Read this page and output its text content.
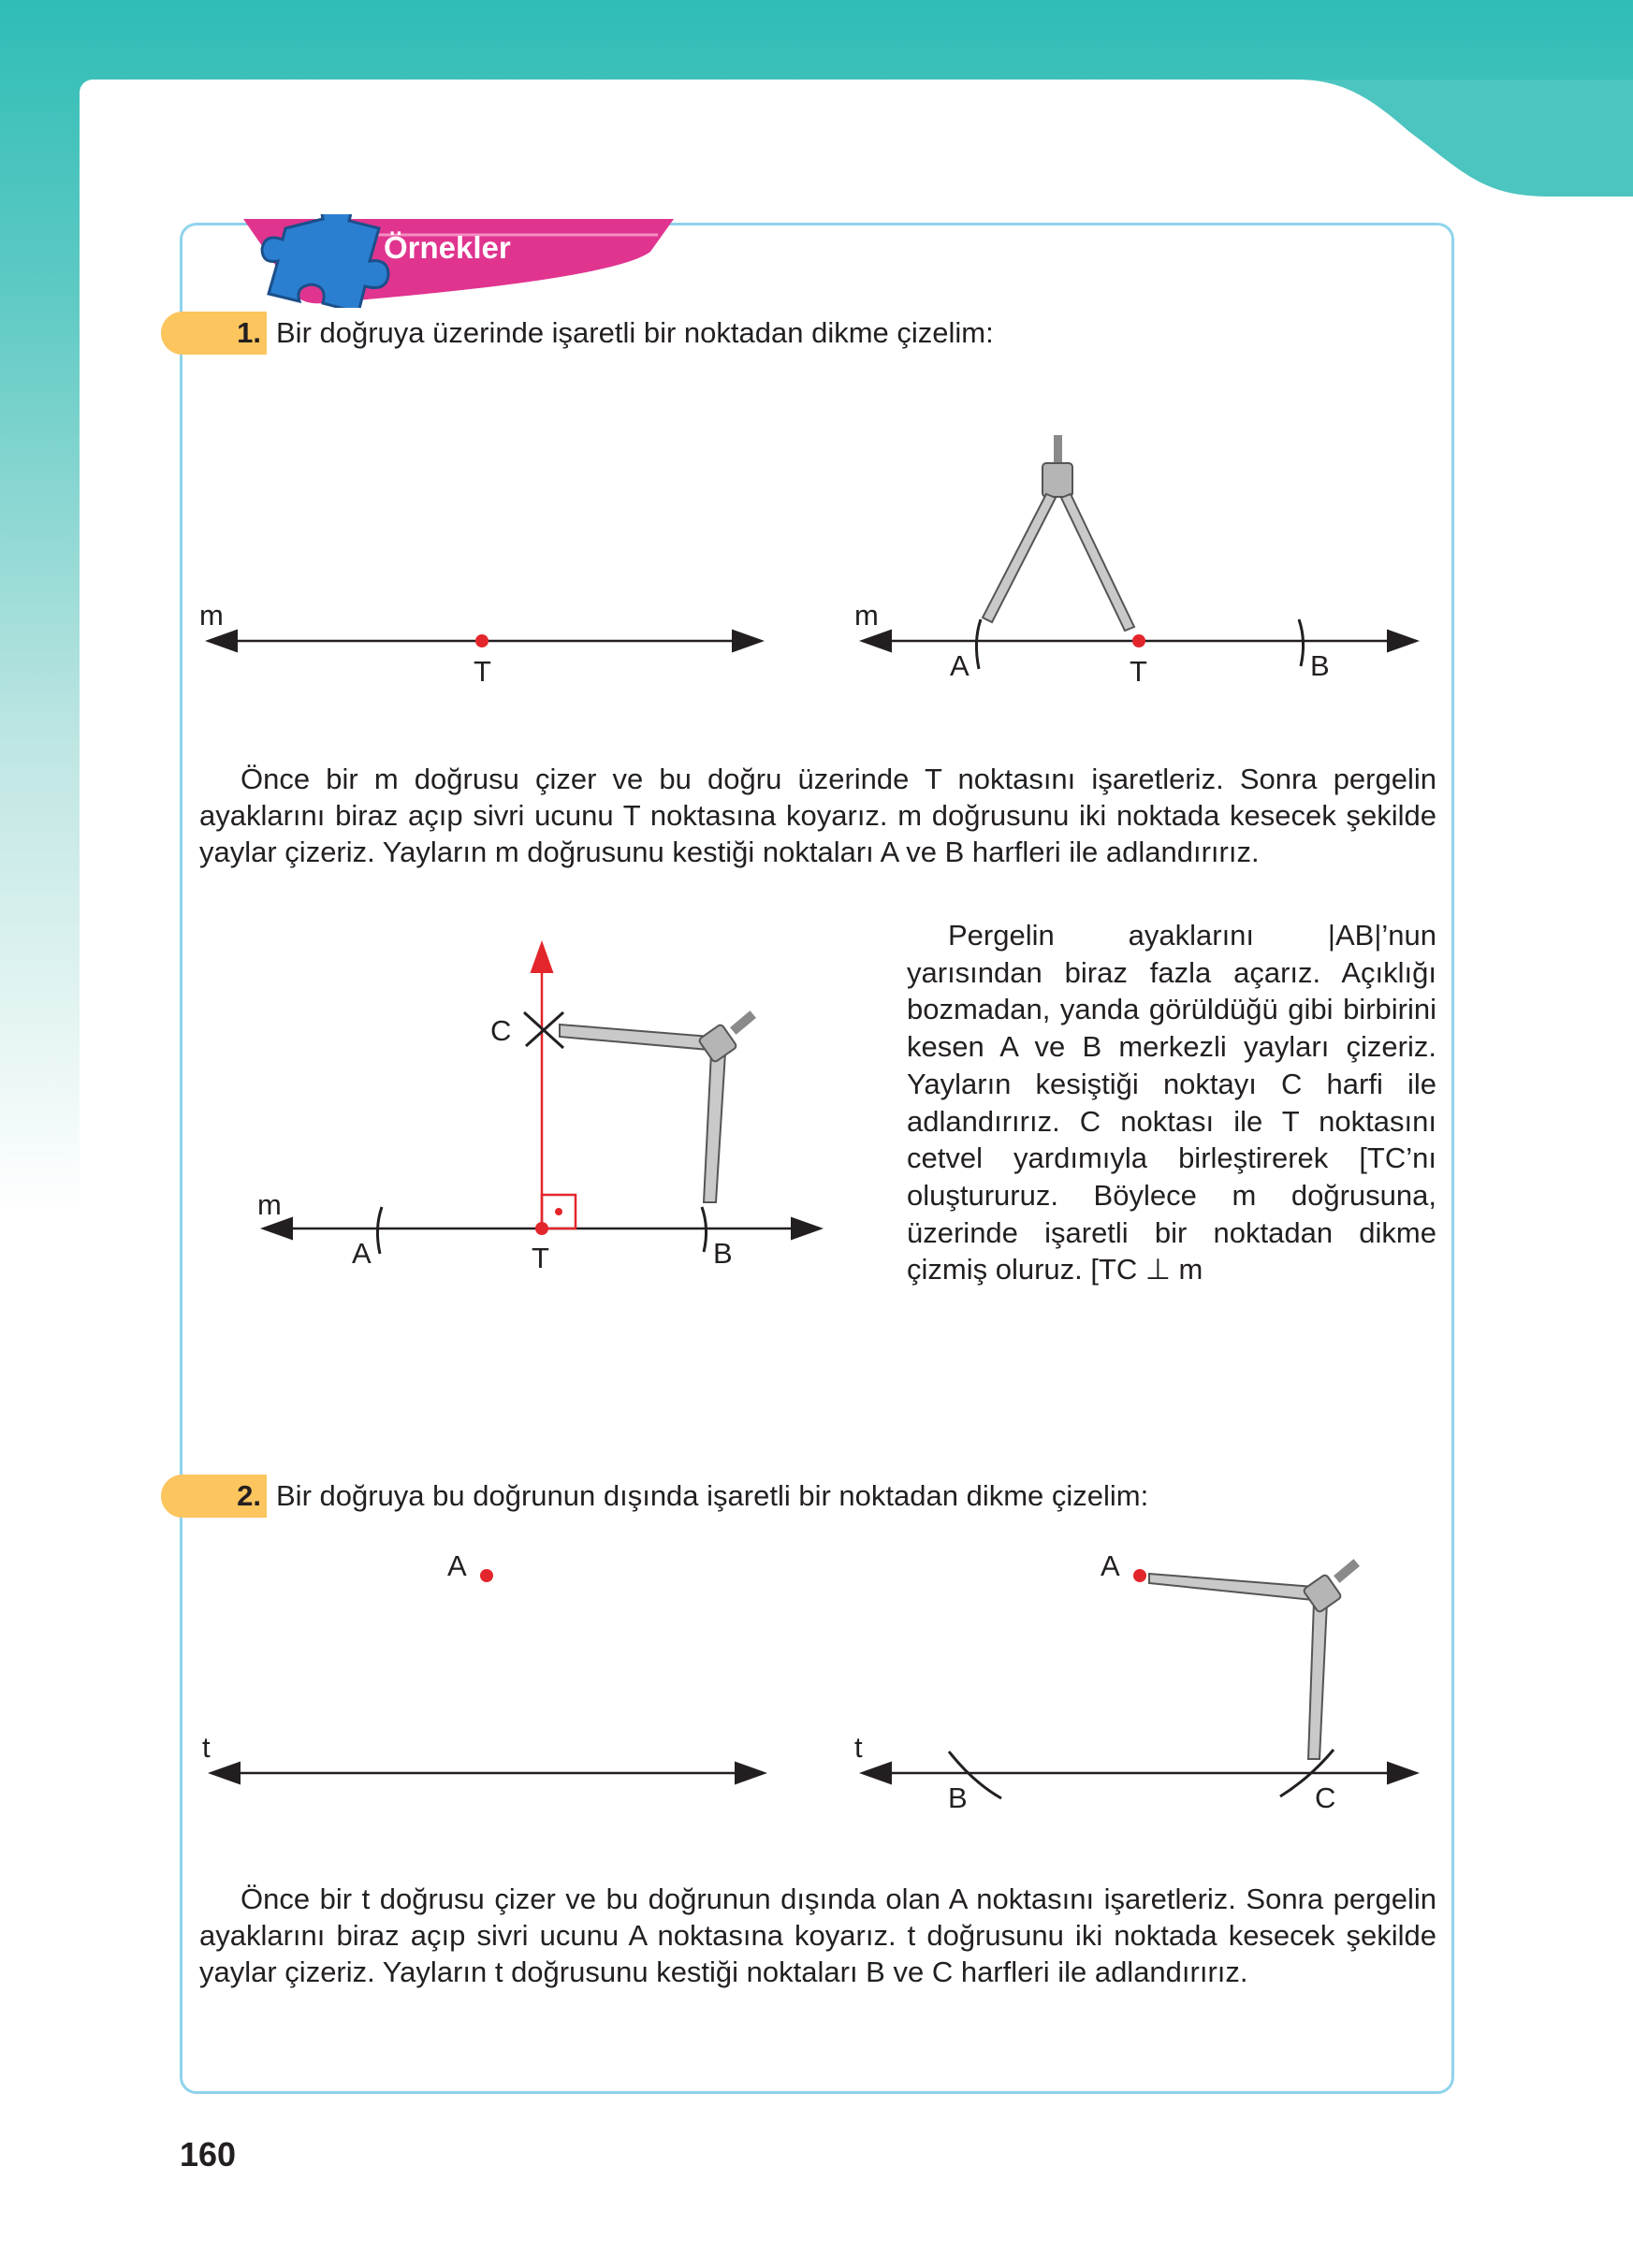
Örnekler
1. Bir doğruya üzerinde işaretli bir noktadan dikme çizelim:
m
T
m
A	T	B
m
A	T	B
C
A
t
A
t
B	C
Önce bir m doğrusu çizer ve bu doğru üzerinde T noktasını işaretleriz. Sonra pergelin ayaklarını biraz açıp sivri ucunu T noktasına koyarız. m doğrusunu iki noktada kesecek şekilde yaylar çizeriz. Yayların m doğrusunu kestiği noktaları A ve B harfleri ile adlandırırız.
Pergelin ayaklarını |AB|’nun yarısından biraz fazla açarız. Açıklığı bozmadan, yanda görüldüğü gibi birbirini kesen A ve B merkezli yayları çizeriz. Yayların kesiştiği noktayı C harfi ile adlandırırız. C noktası ile T noktasını cetvel yardımıyla birleştirerek [TC’nı oluştururuz. Böylece m doğrusuna, üzerinde işaretli bir noktadan dikme çizmiş oluruz. [TC ⊥ m
2. Bir doğruya bu doğrunun dışında işaretli bir noktadan dikme çizelim:
Önce bir t doğrusu çizer ve bu doğrunun dışında olan A noktasını işaretleriz. Sonra pergelin ayaklarını biraz açıp sivri ucunu A noktasına koyarız. t doğrusunu iki noktada kesecek şekilde yaylar çizeriz. Yayların t doğrusunu kestiği noktaları B ve C harfleri ile adlandırırız.
160
